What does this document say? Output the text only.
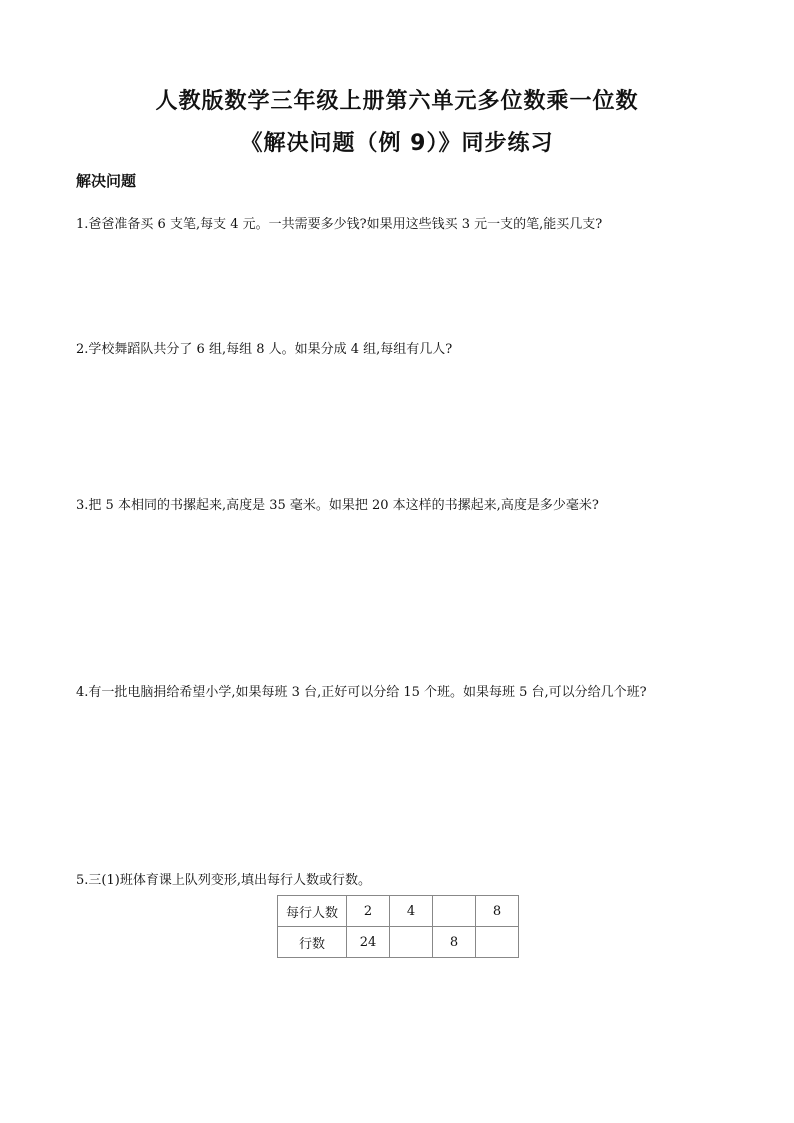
人教版数学三年级上册第六单元多位数乘一位数
《解决问题（例 9）》同步练习
解决问题
1.爸爸准备买 6 支笔,每支 4 元。一共需要多少钱?如果用这些钱买 3 元一支的笔,能买几支?
2.学校舞蹈队共分了 6 组,每组 8 人。如果分成 4 组,每组有几人?
3.把 5 本相同的书摞起来,高度是 35 毫米。如果把 20 本这样的书摞起来,高度是多少毫米?
4.有一批电脑捐给希望小学,如果每班 3 台,正好可以分给 15 个班。如果每班 5 台,可以分给几个班?
5.三(1)班体育课上队列变形,填出每行人数或行数。
每行人数	2	4		8
行数	24		8	
